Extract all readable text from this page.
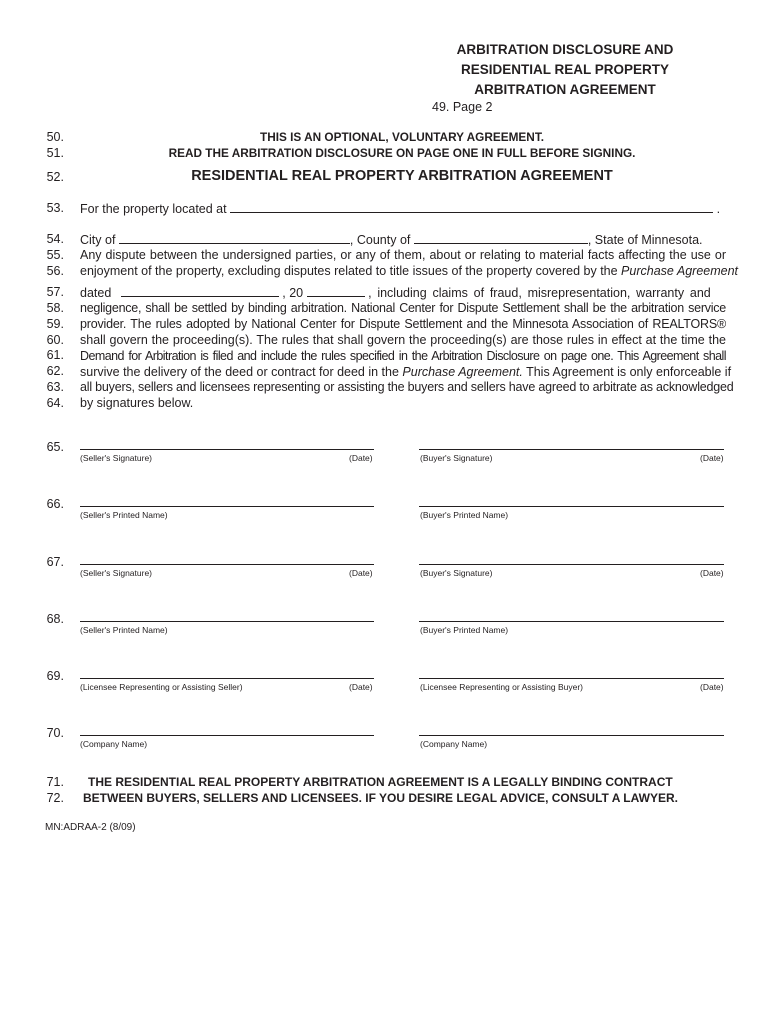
ARBITRATION DISCLOSURE AND
RESIDENTIAL REAL PROPERTY
ARBITRATION AGREEMENT
49. Page 2
50.	THIS IS AN OPTIONAL, VOLUNTARY AGREEMENT.
51.	READ THE ARBITRATION DISCLOSURE ON PAGE ONE IN FULL BEFORE SIGNING.
52.	RESIDENTIAL REAL PROPERTY ARBITRATION AGREEMENT
53. For the property located at	.
54. City of	, County of	, State of Minnesota.
55.
56.
Any dispute between the undersigned parties, or any of them, about or relating to material facts affecting the use or
enjoyment of the property, excluding disputes related to title issues of the property covered by the Purchase Agreement
57. dated	, 20	, including claims of fraud, misrepresentation, warranty and
58.
59.
60.
61.
62.
63.
64.
negligence, shall be settled by binding arbitration. National Center for Dispute Settlement shall be the arbitration service
provider. The rules adopted by National Center for Dispute Settlement and the Minnesota Association of REALTORS®
shall govern the proceeding(s). The rules that shall govern the proceeding(s) are those rules in effect at the time the
Demand for Arbitration is filed and include the rules specified in the Arbitration Disclosure on page one. This Agreement shall
survive the delivery of the deed or contract for deed in the Purchase Agreement. This Agreement is only enforceable if
all buyers, sellers and licensees representing or assisting the buyers and sellers have agreed to arbitrate as acknowledged
by signatures below.
65.
(Seller's Signature)	(Date)	(Buyer's Signature)	(Date)
66.
(Seller's Printed Name)	(Buyer's Printed Name)
67.
(Seller's Signature)	(Date)	(Buyer's Signature)	(Date)
68.
(Seller's Printed Name)	(Buyer's Printed Name)
69.
(Licensee Representing or Assisting Seller)	(Date)	(Licensee Representing or Assisting Buyer)	(Date)
70.
(Company Name)	(Company Name)
71. THE RESIDENTIAL REAL PROPERTY ARBITRATION AGREEMENT IS A LEGALLY BINDING CONTRACT
72. BETWEEN BUYERS, SELLERS AND LICENSEES. IF YOU DESIRE LEGAL ADVICE, CONSULT A LAWYER.
MN:ADRAA-2 (8/09)
